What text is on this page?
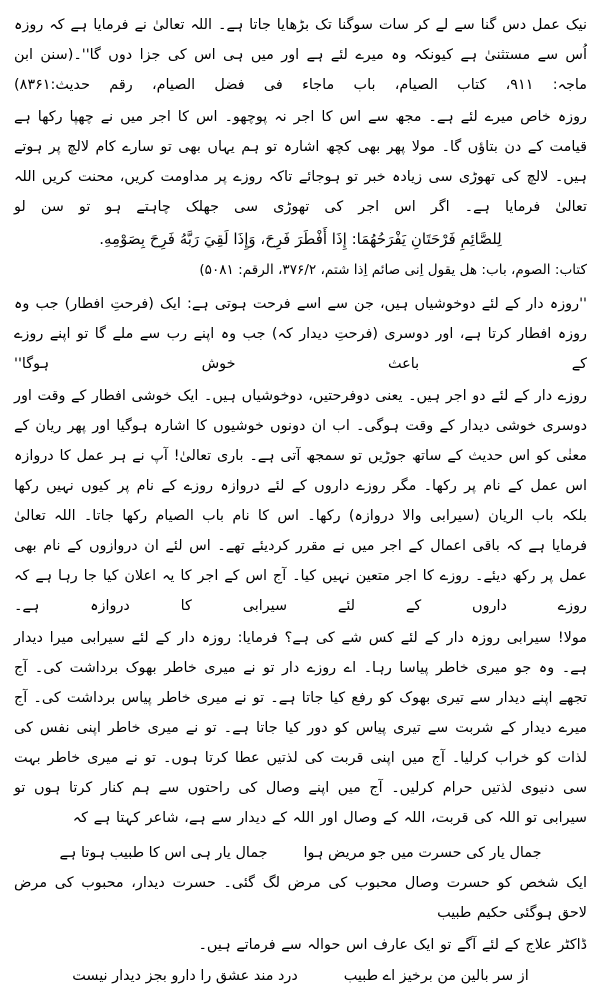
نیک عمل دس گنا سے لے کر سات سوگنا تک بڑھایا جاتا ہے۔ اللہ تعالیٰ نے فرمایا ہے کہ روزہ اُس سے مستثنیٰ ہے کیونکہ وہ میرے لئے ہے اور میں ہی اس کی جزا دوں گا''۔(سنن ابن ماجہ: ۱۱۹، کتاب الصیام، باب ماجاء فی فضل الصیام، رقم حدیث:۱۶۳۸)

روزہ خاص میرے لئے ہے۔ مجھ سے اس کا اجر نہ پوچھو۔ اس کا اجر میں نے چھپا رکھا ہے قیامت کے دن بتاؤں گا۔ مولا پھر بھی کچھ اشارہ تو ہم یہاں بھی تو سارے کام لالچ پر ہوتے ہیں۔ لالچ کی تھوڑی سی زیادہ خبر تو ہوجائے تاکہ روزے پر مداومت کریں، محنت کریں اللہ تعالیٰ فرمایا ہے۔ اگر اس اجر کی تھوڑی سی جھلک چاہتے ہو تو سن لو

لِلصَّائِمِ فَرْحَتَانِ يَفْرَحُهُمَا: إِذَا أَفْطَرَ فَرِحَ، وَإِذَا لَقِيَ رَبَّهُ فَرِحَ بِصَوْمِهِ.
کتاب: الصوم، باب: ھل یقول اِنی صائم اِذا شتم، ۲/۶۷۳، الرقم: ۱۸۰۵)

''روزہ دار کے لئے دوخوشیاں ہیں، جن سے اسے فرحت ہوتی ہے: ایک (فرحتِ افطار) جب وہ روزہ افطار کرتا ہے، اور دوسری (فرحتِ دیدار کہ) جب وہ اپنے رب سے ملے گا تو اپنے روزے کے باعث خوش ہوگا''

روزے دار کے لئے دو اجر ہیں۔ یعنی دوفرحتیں، دوخوشیاں ہیں۔ ایک خوشی افطار کے وقت اور دوسری خوشی دیدار کے وقت ہوگی۔ اب ان دونوں خوشیوں کا اشارہ ہوگیا اور پھر ریان کے معنٰی کو اس حدیث کے ساتھ جوڑیں تو سمجھ آتی ہے۔ باری تعالیٰ! آپ نے ہر عمل کا دروازہ اس عمل کے نام پر رکھا۔ مگر روزے داروں کے لئے دروازہ روزے کے نام پر کیوں نہیں رکھا بلکہ باب الریان (سیرابی والا دروازہ) رکھا۔ اس کا نام باب الصیام رکھا جاتا۔ اللہ تعالیٰ فرمایا ہے کہ باقی اعمال کے اجر میں نے مقرر کردیئے تھے۔ اس لئے ان دروازوں کے نام بھی عمل پر رکھ دیئے۔ روزے کا اجر متعین نہیں کیا۔ آج اس کے اجر کا یہ اعلان کیا جا رہا ہے کہ روزے داروں کے لئے سیرابی کا دروازہ ہے۔

مولا! سیرابی روزہ دار کے لئے کس شے کی ہے؟ فرمایا: روزہ دار کے لئے سیرابی میرا دیدار ہے۔ وہ جو میری خاطر پیاسا رہا۔ اے روزے دار تو نے میری خاطر بھوک برداشت کی۔ آج تجھے اپنے دیدار سے تیری بھوک کو رفع کیا جاتا ہے۔ تو نے میری خاطر پیاس برداشت کی۔ آج میرے دیدار کے شربت سے تیری پیاس کو دور کیا جاتا ہے۔ تو نے میری خاطر اپنی نفس کی لذات کو خراب کرلیا۔ آج میں اپنی قربت کی لذتیں عطا کرتا ہوں۔ تو نے میری خاطر بہت سی دنیوی لذتیں حرام کرلیں۔ آج میں اپنے وصال کی راحتوں سے ہم کنار کرتا ہوں تو سیرابی تو اللہ کی قربت، اللہ کے وصال اور اللہ کے دیدار سے ہے، شاعر کہتا ہے کہ

جمال یار کی حسرت میں جو مریض ہوا
جمال یار ہی اس کا طبیب ہوتا ہے

ایک شخص کو حسرت وصال محبوب کی مرض لگ گئی۔ حسرت دیدار، محبوب کی مرض لاحق ہوگئی حکیم طبیب

ڈاکٹر علاج کے لئے آگے تو ایک عارف اس حوالہ سے فرماتے ہیں۔

از سر بالین من برخیز اے طبیب
درد مند عشق را دارو بجز دیدار نیست
